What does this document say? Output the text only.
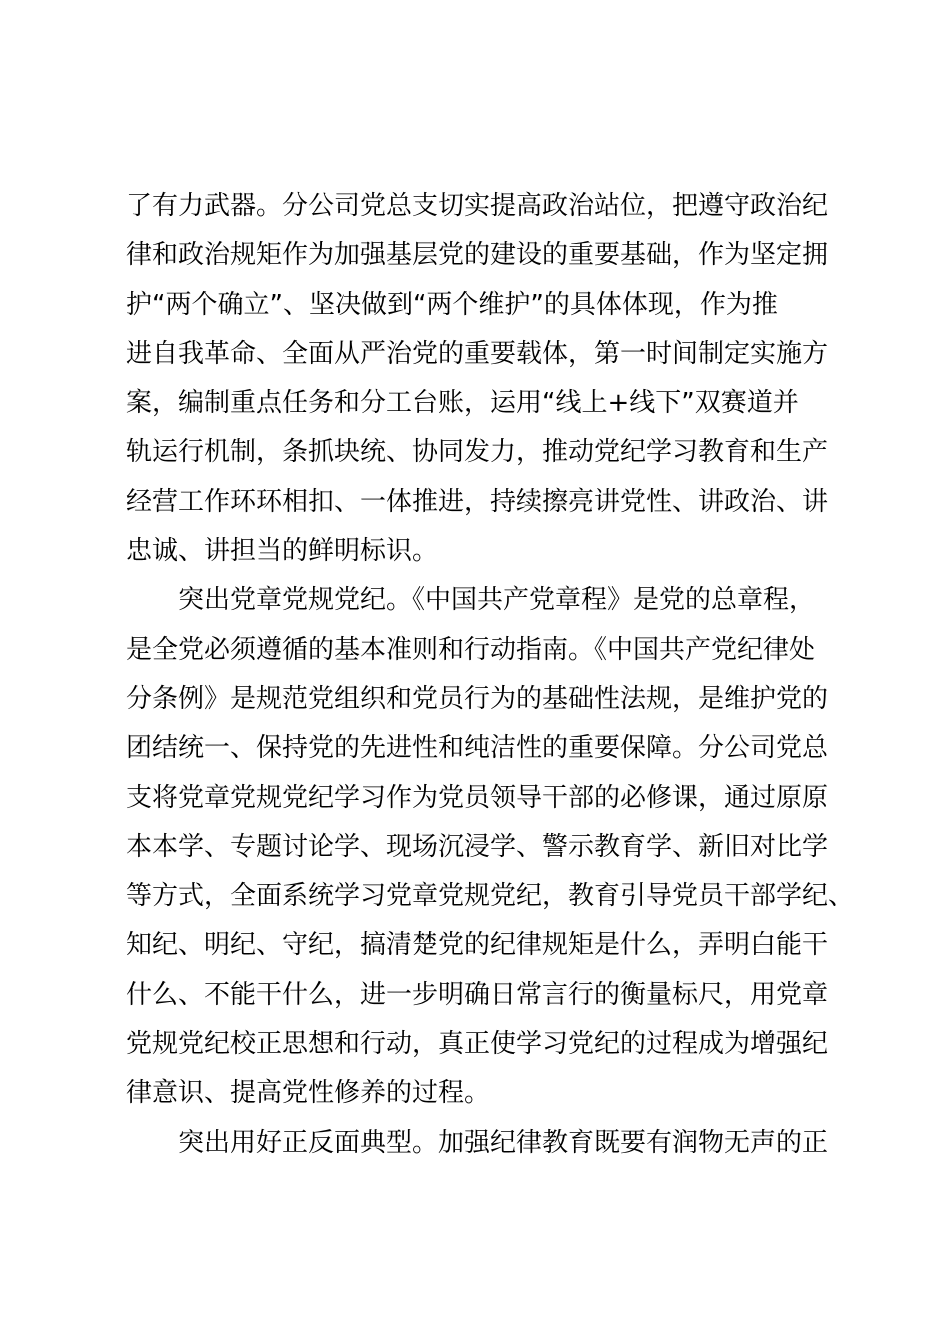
了有力武器。分公司党总支切实提高政治站位，把遵守政治纪
律和政治规矩作为加强基层党的建设的重要基础，作为坚定拥
护“两个确立”、坚决做到“两个维护”的具体体现，作为推
进自我革命、全面从严治党的重要载体，第一时间制定实施方
案，编制重点任务和分工台账，运用“线上+线下”双赛道并
轨运行机制，条抓块统、协同发力，推动党纪学习教育和生产
经营工作环环相扣、一体推进，持续擦亮讲党性、讲政治、讲
忠诚、讲担当的鲜明标识。
突出党章党规党纪。《中国共产党章程》是党的总章程，
是全党必须遵循的基本准则和行动指南。《中国共产党纪律处
分条例》是规范党组织和党员行为的基础性法规，是维护党的
团结统一、保持党的先进性和纯洁性的重要保障。分公司党总
支将党章党规党纪学习作为党员领导干部的必修课，通过原原
本本学、专题讨论学、现场沉浸学、警示教育学、新旧对比学
等方式，全面系统学习党章党规党纪，教育引导党员干部学纪、
知纪、明纪、守纪，搞清楚党的纪律规矩是什么，弄明白能干
什么、不能干什么，进一步明确日常言行的衡量标尺，用党章
党规党纪校正思想和行动，真正使学习党纪的过程成为增强纪
律意识、提高党性修养的过程。
突出用好正反面典型。加强纪律教育既要有润物无声的正
